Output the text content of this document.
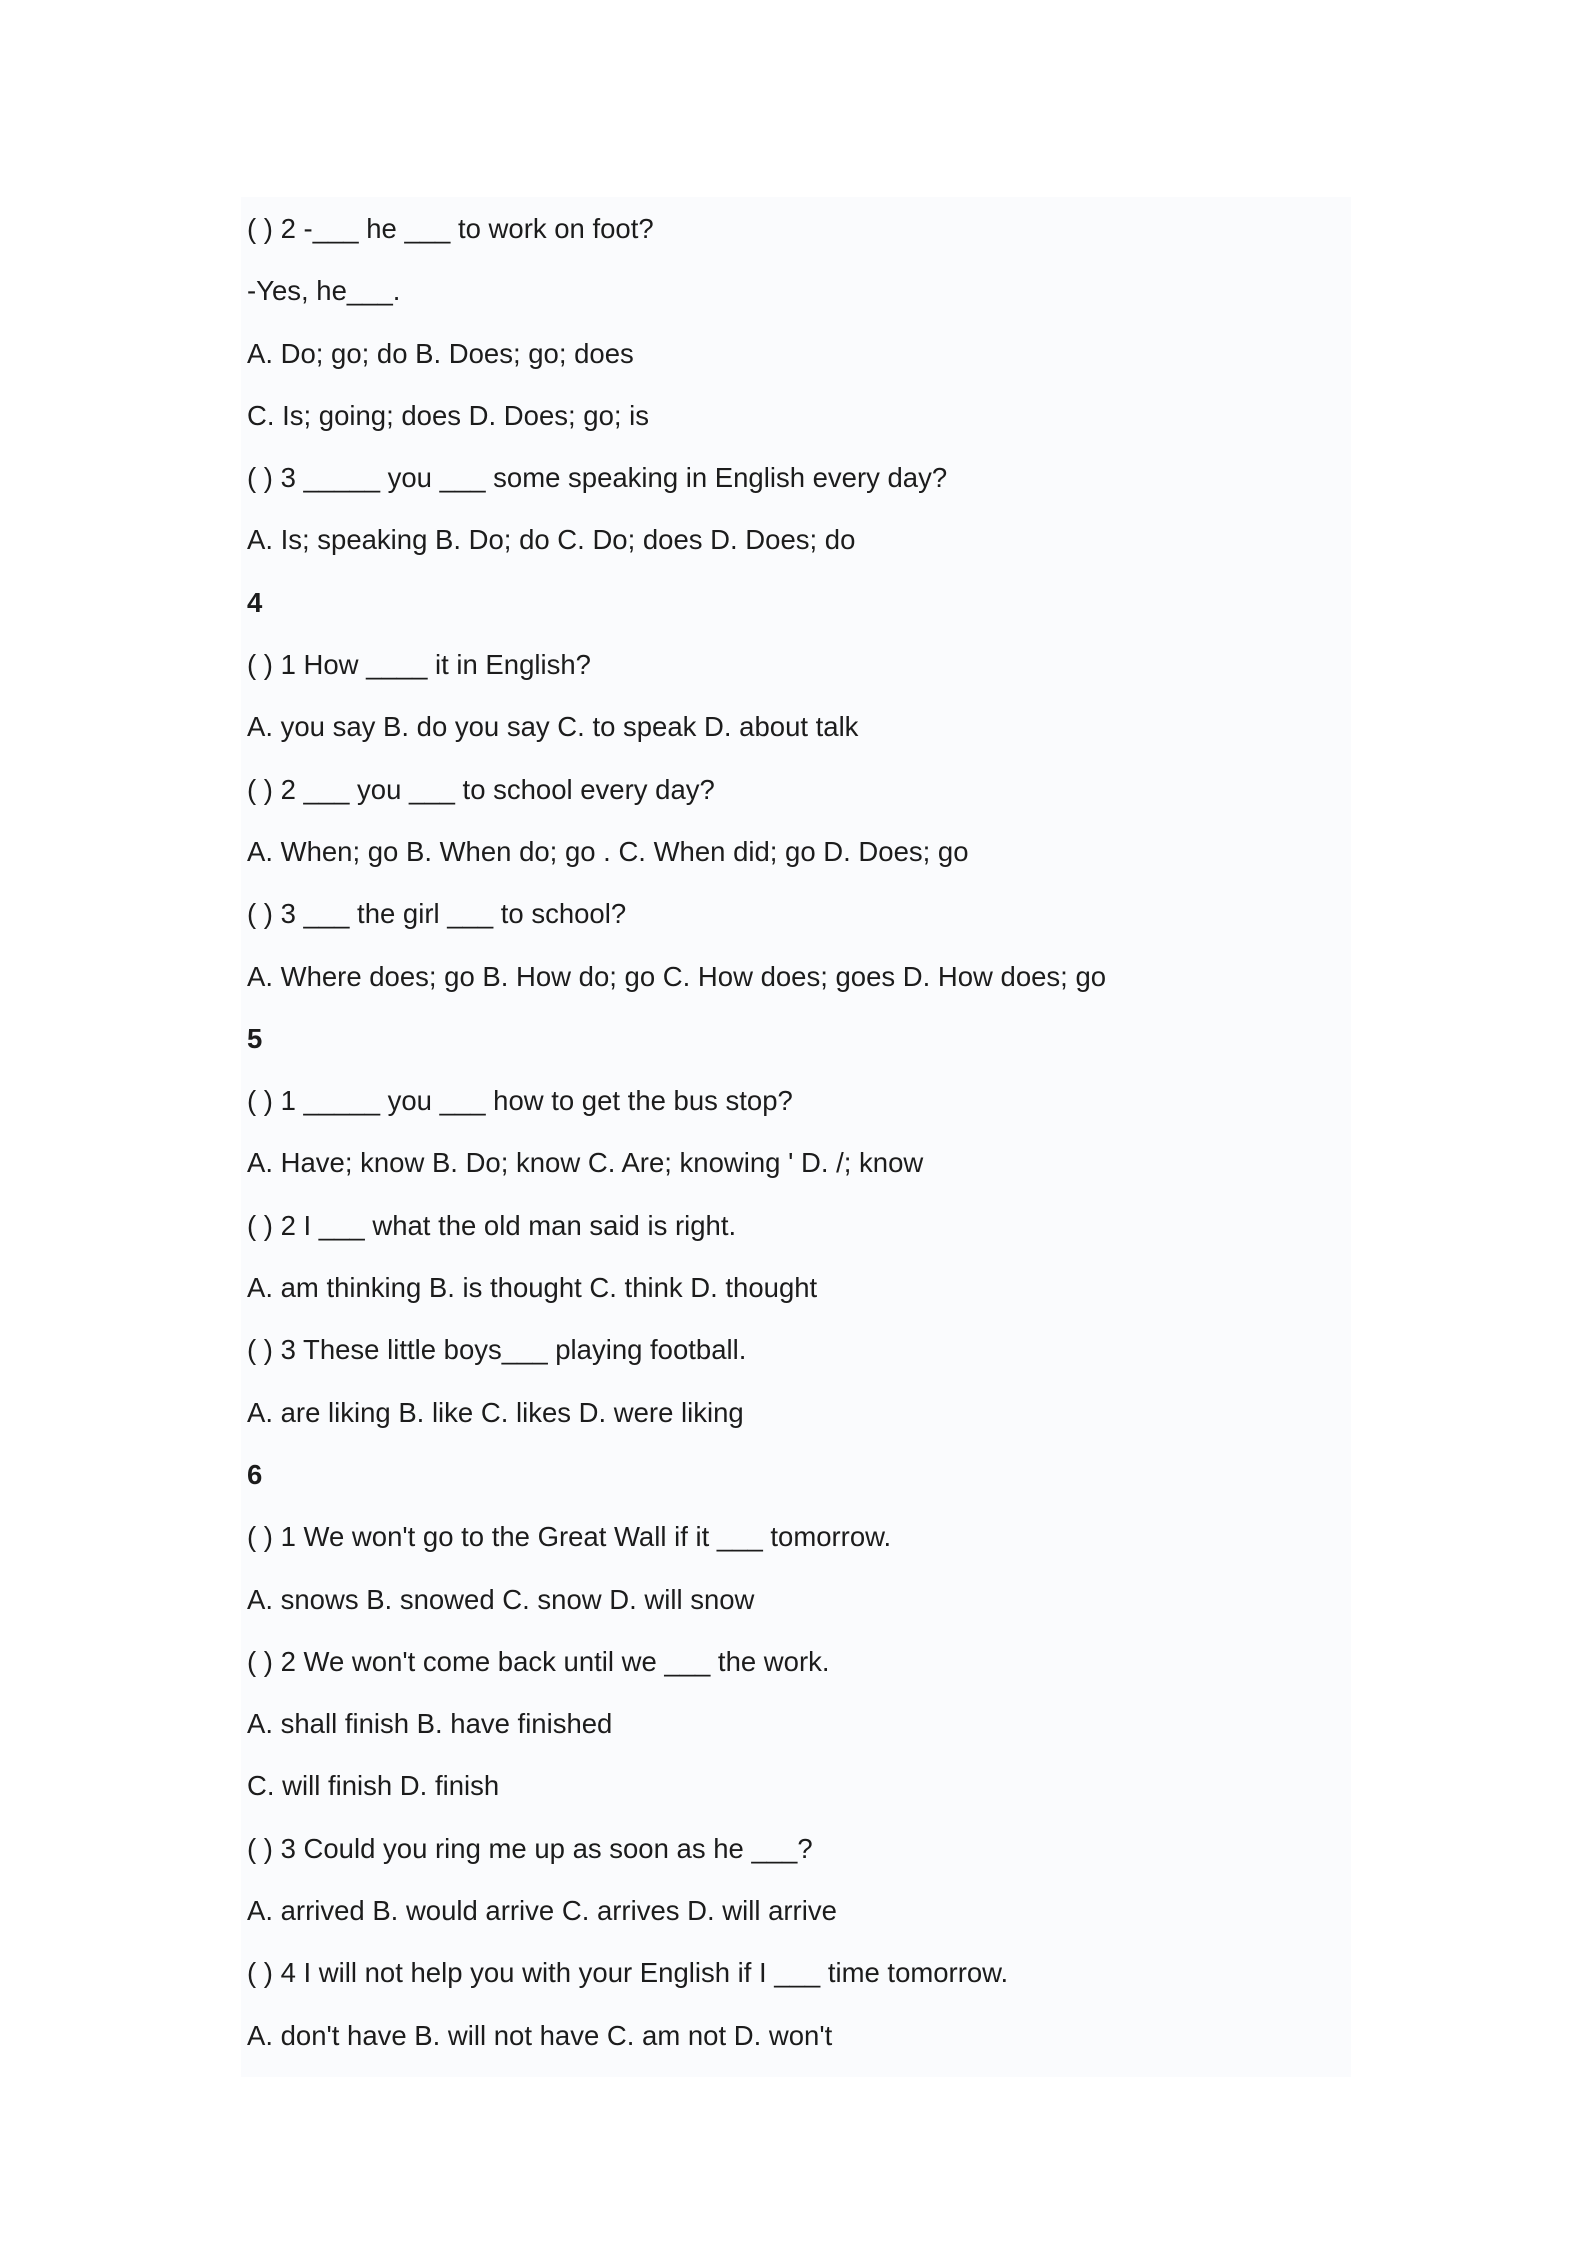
( ) 2 -___ he ___ to work on foot?
-Yes, he___.
A. Do; go; do B. Does; go; does
C. Is; going; does D. Does; go; is
( ) 3 _____ you ___ some speaking in English every day?
A. Is; speaking B. Do; do C. Do; does D. Does; do
4
( ) 1 How ____ it in English?
A. you say B. do you say C. to speak D. about talk
( ) 2 ___ you ___ to school every day?
A. When; go B. When do; go . C. When did; go D. Does; go
( ) 3 ___ the girl ___ to school?
A. Where does; go B. How do; go C. How does; goes D. How does; go
5
( ) 1 _____ you ___ how to get the bus stop?
A. Have; know B. Do; know C. Are; knowing ' D. /; know
( ) 2 I ___ what the old man said is right.
A. am thinking B. is thought C. think D. thought
( ) 3 These little boys___ playing football.
A. are liking B. like C. likes D. were liking
6
( ) 1 We won't go to the Great Wall if it ___ tomorrow.
A. snows B. snowed C. snow D. will snow
( ) 2 We won't come back until we ___ the work.
A. shall finish B. have finished
C. will finish D. finish
( ) 3 Could you ring me up as soon as he ___?
A. arrived B. would arrive C. arrives D. will arrive
( ) 4 I will not help you with your English if I ___ time tomorrow.
A. don't have B. will not have C. am not D. won't
